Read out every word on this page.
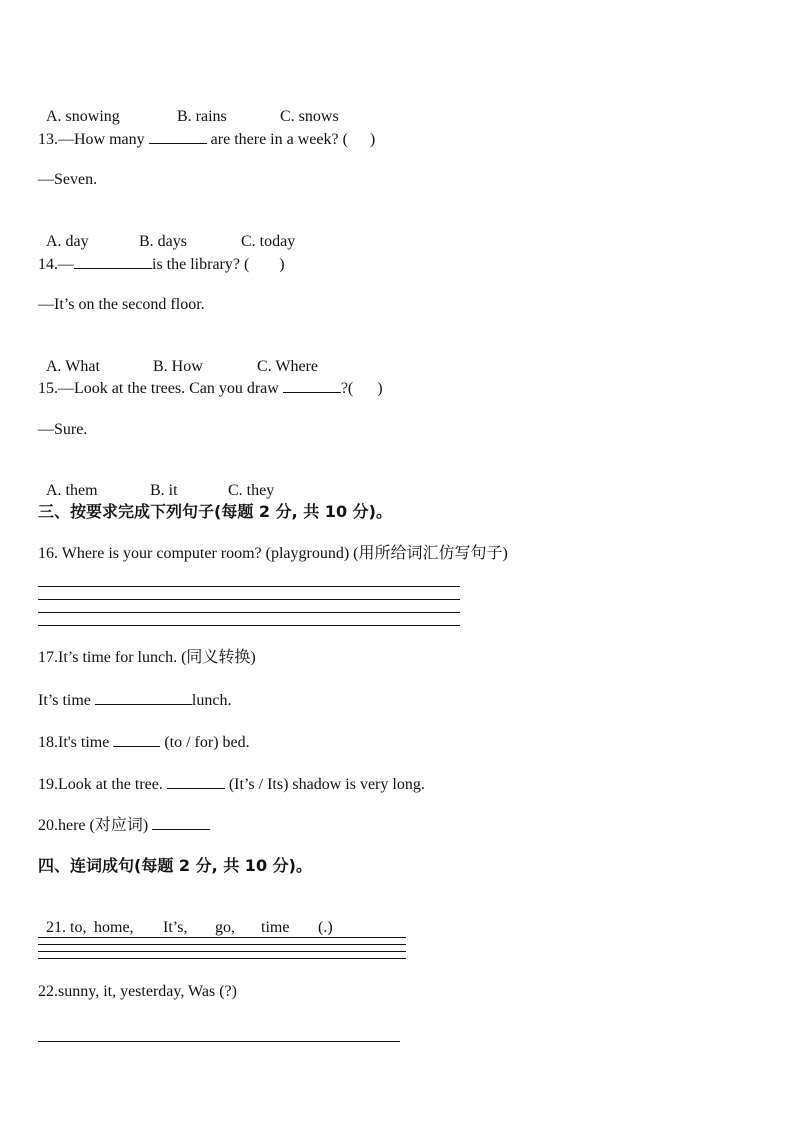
A. snowing	B. rains	C. snows

13.—How many	are there in a week? ( )
—Seven.

A. day	B. days	C. today

14.—	is the library? ( )
—It’s on the second floor.

A. What	B. How	C. Where

15.—Look at the trees. Can you draw	?( )
—Sure.

A. them	B. it	C. they

三、按要求完成下列句子(每题 2 分, 共 10 分)。
16. Where is your computer room? (playground) (用所给词汇仿写句子)
17.It’s time for lunch. (同义转换)
It’s time	lunch.
18.It's time	(to / for) bed.
19.Look at the tree.	(It’s / Its) shadow is very long.
20.here (对应词)
四、连词成句(每题 2 分, 共 10 分)。

21. to, home, It’s, go, time (.)

22.sunny, it, yesterday, Was (?)
